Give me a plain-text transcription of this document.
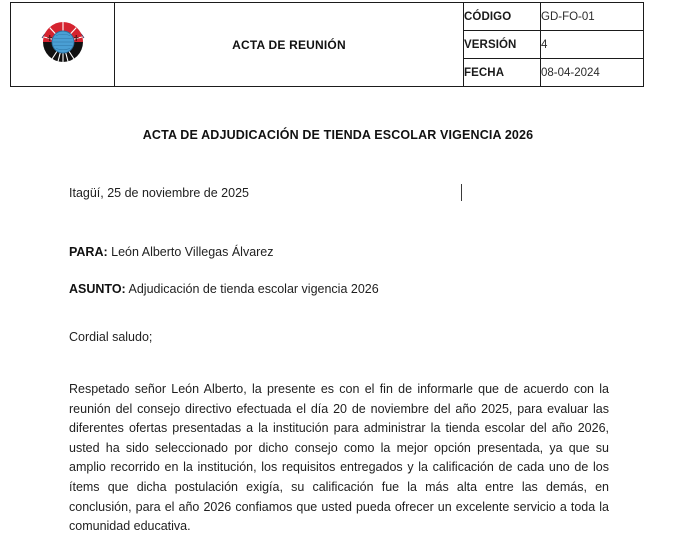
	ACTA DE REUNIÓN	CÓDIGO	GD-FO-01
		VERSIÓN	4
		FECHA	08-04-2024
ACTA DE ADJUDICACIÓN DE TIENDA ESCOLAR VIGENCIA 2026
Itagüí, 25 de noviembre de 2025
PARA: León Alberto Villegas Álvarez
ASUNTO: Adjudicación de tienda escolar vigencia 2026
Cordial saludo;

Respetado señor León Alberto, la presente es con el fin de informarle que de acuerdo con la reunión del consejo directivo efectuada el día 20 de noviembre del año 2025, para evaluar las diferentes ofertas presentadas a la institución para administrar la tienda escolar del año 2026, usted ha sido seleccionado por dicho consejo como la mejor opción presentada, ya que su amplio recorrido en la institución, los requisitos entregados y la calificación de cada uno de los ítems que dicha postulación exigía, su calificación fue la más alta entre las demás, en conclusión, para el año 2026 confiamos que usted pueda ofrecer un excelente servicio a toda la comunidad educativa.
